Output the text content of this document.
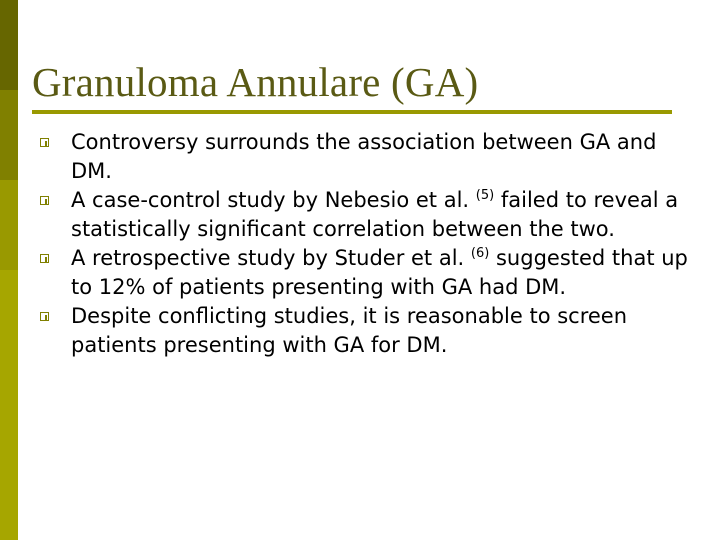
Granuloma Annulare (GA)
Controversy surrounds the association between GA and DM.
A case-control study by Nebesio et al. $^{(5)}$ failed to reveal a statistically significant correlation between the two.
A retrospective study by Studer et al. $^{(6)}$ suggested that up to 12% of patients presenting with GA had DM.
Despite conflicting studies, it is reasonable to screen patients presenting with GA for DM.
